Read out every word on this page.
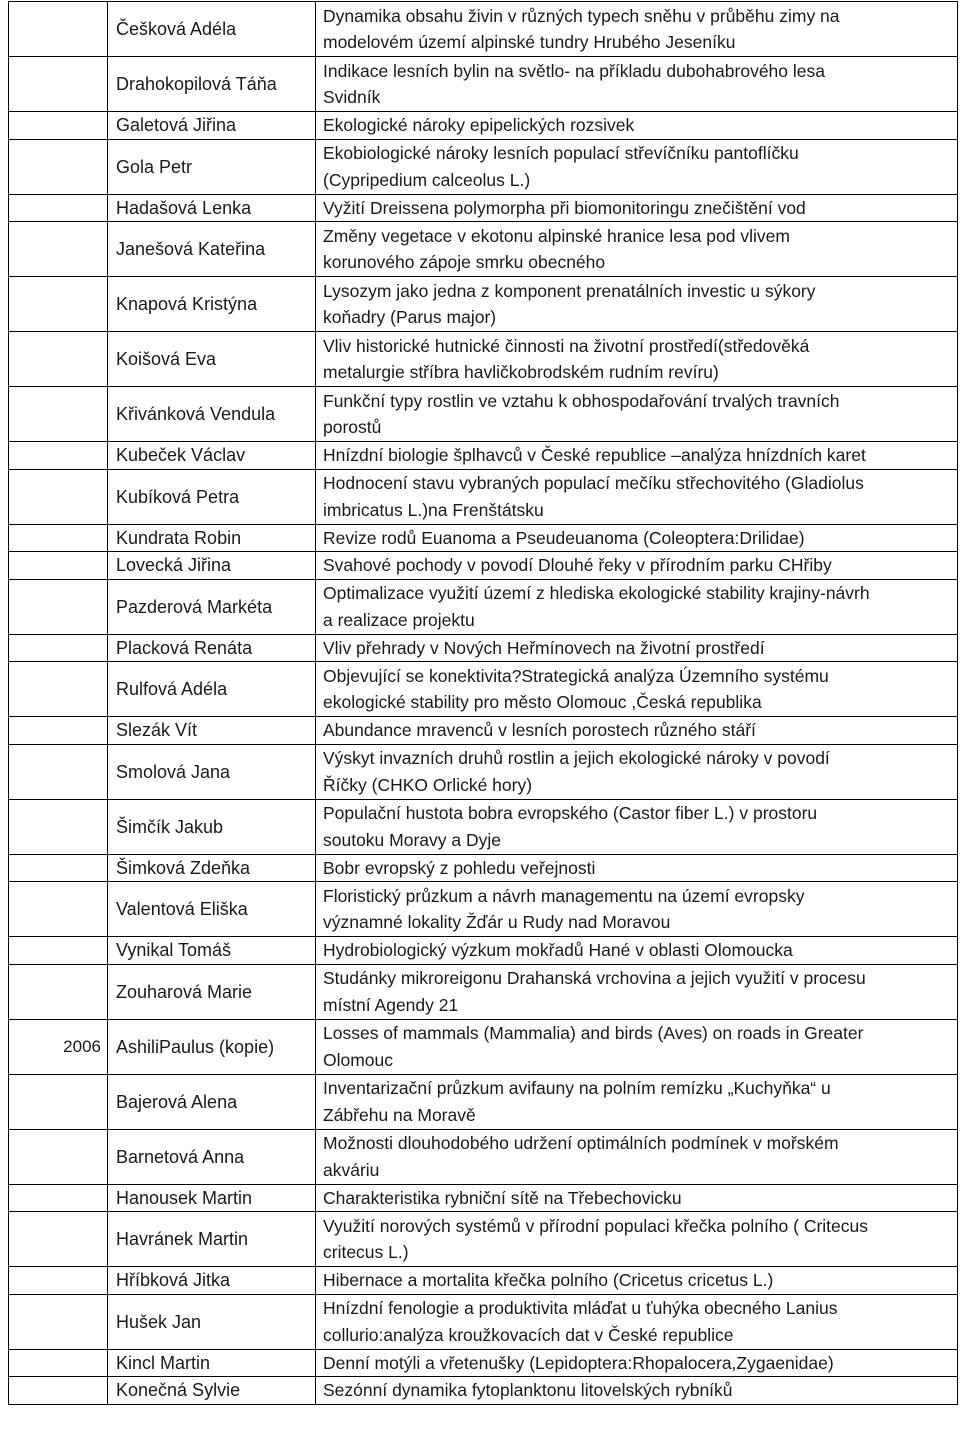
	Češková Adéla	Dynamika obsahu živin v různých typech sněhu v průběhu zimy na
modelovém území alpinské tundry Hrubého Jeseníku
	Drahokopilová Táňa	Indikace lesních bylin na světlo- na příkladu dubohabrového lesa
Svidník
	Galetová Jiřina	Ekologické nároky epipelických rozsivek
	Gola Petr	Ekobiologické nároky lesních populací střevíčníku pantoflíčku
(Cypripedium calceolus L.)
	Hadašová Lenka	Vyžití Dreissena polymorpha při biomonitoringu znečištění vod
	Janešová Kateřina	Změny vegetace v ekotonu alpinské hranice lesa pod vlivem
korunového zápoje smrku obecného
	Knapová Kristýna	Lysozym jako jedna z komponent prenatálních investic u sýkory
koňadry (Parus major)
	Koišová Eva	Vliv historické hutnické činnosti na životní prostředí(středověká
metalurgie stříbra havličkobrodském rudním revíru)
	Křivánková Vendula	Funkční typy rostlin ve vztahu k obhospodařování trvalých travních
porostů
	Kubeček Václav	Hnízdní biologie šplhavců v České republice –analýza hnízdních karet
	Kubíková Petra	Hodnocení stavu vybraných populací mečíku střechovitého (Gladiolus
imbricatus L.)na Frenštátsku
	Kundrata Robin	Revize rodů Euanoma a Pseudeuanoma (Coleoptera:Drilidae)
	Lovecká Jiřina	Svahové pochody v povodí Dlouhé řeky v přírodním parku CHřiby
	Pazderová Markéta	Optimalizace využití území z hlediska ekologické stability krajiny-návrh
a realizace projektu
	Placková Renáta	Vliv přehrady v Nových Heřmínovech na životní prostředí
	Rulfová Adéla	Objevující se konektivita?Strategická analýza Územního systému
ekologické stability pro město Olomouc ,Česká republika
	Slezák Vít	Abundance mravenců v lesních porostech různého stáří
	Smolová Jana	Výskyt invazních druhů rostlin a jejich ekologické nároky v povodí
Říčky (CHKO Orlické hory)
	Šimčík Jakub	Populační hustota bobra evropského (Castor fiber L.) v prostoru
soutoku Moravy a Dyje
	Šimková Zdeňka	Bobr evropský z pohledu veřejnosti
	Valentová Eliška	Floristický průzkum a návrh managementu na území evropsky
významné lokality Žďár u Rudy nad Moravou
	Vynikal Tomáš	Hydrobiologický výzkum mokřadů Hané v oblasti Olomoucka
	Zouharová Marie	Studánky mikroreigonu Drahanská vrchovina a jejich využití v procesu
místní Agendy 21
2006	AshiliPaulus (kopie)	Losses of mammals (Mammalia) and birds (Aves) on roads in Greater
Olomouc
	Bajerová Alena	Inventarizační průzkum avifauny na polním remízku „Kuchyňka“ u
Zábřehu na Moravě
	Barnetová Anna	Možnosti dlouhodobého udržení optimálních podmínek v mořském
akváriu
	Hanousek Martin	Charakteristika rybniční sítě na Třebechovicku
	Havránek Martin	Využití norových systémů v přírodní populaci křečka polního ( Critecus
critecus L.)
	Hříbková Jitka	Hibernace a mortalita křečka polního (Cricetus cricetus L.)
	Hušek Jan	Hnízdní fenologie a produktivita mláďat u ťuhýka obecného Lanius
collurio:analýza kroužkovacích dat v České republice
	Kincl Martin	Denní motýli a vřetenušky (Lepidoptera:Rhopalocera,Zygaenidae)
	Konečná Sylvie	Sezónní dynamika fytoplanktonu litovelských rybníků
